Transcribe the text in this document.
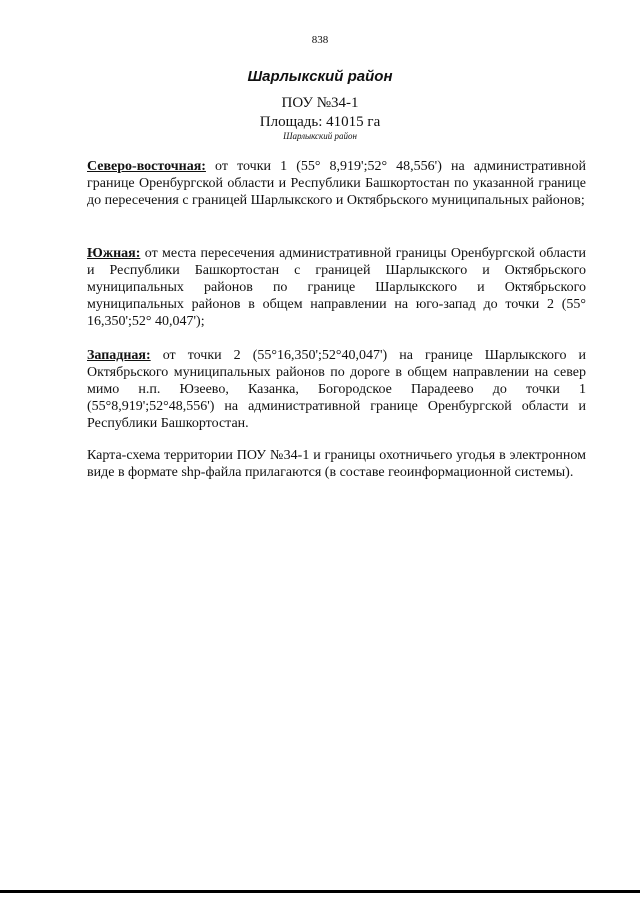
838
Шарлыкский район
ПОУ №34-1
Площадь: 41015 га
Шарлыкский район

Северо-восточная: от точки 1 (55° 8,919';52° 48,556') на административной границе Оренбургской области и Республики Башкортостан по указанной границе до пересечения с границей Шарлыкского и Октябрьского муниципальных районов;

Южная: от места пересечения административной границы Оренбургской области и Республики Башкортостан с границей Шарлыкского и Октябрьского муниципальных районов по границе Шарлыкского и Октябрьского муниципальных районов в общем направлении на юго-запад до точки 2 (55° 16,350';52° 40,047');

Западная: от точки 2 (55°16,350';52°40,047') на границе Шарлыкского и Октябрьского муниципальных районов по дороге в общем направлении на север мимо н.п. Юзеево, Казанка, Богородское Парадеево до точки 1 (55°8,919';52°48,556') на административной границе Оренбургской области и Республики Башкортостан.

Карта-схема территории ПОУ №34-1 и границы охотничьего угодья в электронном виде в формате shp-файла прилагаются (в составе геоинформационной системы).
